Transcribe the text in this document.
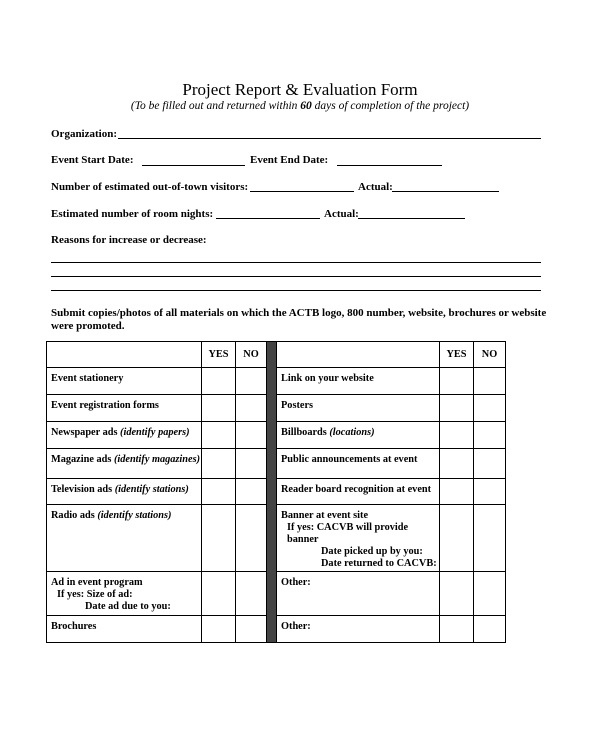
Project Report & Evaluation Form
(To be filled out and returned within 60 days of completion of the project)
Organization:
Event Start Date:	Event End Date:
Number of estimated out-of-town visitors:	Actual:
Estimated number of room nights:	Actual:
Reasons for increase or decrease:
Submit copies/photos of all materials on which the ACTB logo, 800 number, website, brochures or website were promoted.
	YES	NO			YES	NO

Event stationery				Link on your website		

Event registration forms				Posters		

Newspaper ads (identify papers)				Billboards (locations)		

Magazine ads (identify magazines)				Public announcements at event		

Television ads (identify stations)				Reader board recognition at event		

Radio ads (identify stations)				Banner at event site
If yes: CACVB will provide banner
Date picked up by you:
Date returned to CACVB:		

Ad in event program
If yes: Size of ad:
Date ad due to you:				Other:		

Brochures				Other:		
